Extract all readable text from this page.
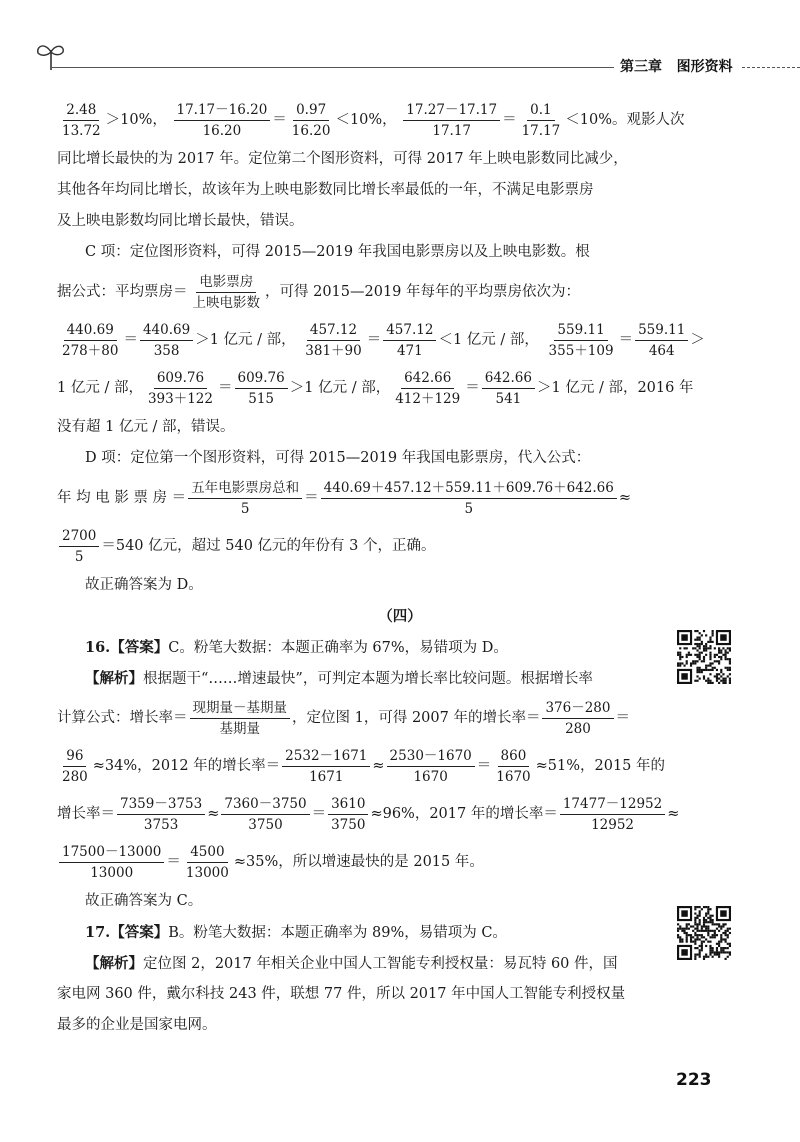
第三章 图形资料
$\frac{2.48}{13.72} >10\%$， $\frac{17.17-16.20}{16.20} = \frac{0.97}{16.20} <10\%$， $\frac{17.27-17.17}{17.17} = \frac{0.1}{17.17} <10\%$。观影人次
同比增长最快的为 2017 年。定位第二个图形资料，可得 2017 年上映电影数同比减少，
其他各年均同比增长，故该年为上映电影数同比增长率最低的一年，不满足电影票房
及上映电影数均同比增长最快，错误。
C 项：定位图形资料，可得 2015—2019 年我国电影票房以及上映电影数。根
据公式：平均票房＝ $\frac{\text{电影票房}}{\text{上映电影数}}$ ，可得 2015—2019 年每年的平均票房依次为：
$\frac{440.69}{278+80} = \frac{440.69}{358} >1$ 亿元 / 部， $\frac{457.12}{381+90} = \frac{457.12}{471} <1$ 亿元 / 部， $\frac{559.11}{355+109} = \frac{559.11}{464}$ ＞
1 亿元 / 部， $\frac{609.76}{393+122} = \frac{609.76}{515} >1$ 亿元 / 部， $\frac{642.66}{412+129} = \frac{642.66}{541} >1$ 亿元 / 部，2016 年
没有超 1 亿元 / 部，错误。
D 项：定位第一个图形资料，可得 2015—2019 年我国电影票房，代入公式：
年 均 电 影 票 房 ＝ $\frac{\text{五年电影票房总和}}{5} = \frac{440.69+457.12+559.11+609.76+642.66}{5}$ ≈
$\frac{2700}{5} =540$ 亿元，超过 540 亿元的年份有 3 个，正确。
故正确答案为 D。
（四）
16.【答案】C。粉笔大数据：本题正确率为 67%，易错项为 D。
【解析】根据题干“……增速最快”，可判定本题为增长率比较问题。根据增长率
计算公式：增长率＝ $\frac{\text{现期量－基期量}}{\text{基期量}}$ ，定位图 1，可得 2007 年的增长率＝ $\frac{376-280}{280}$ ＝
$\frac{96}{280} \approx 34\%$，2012 年的增长率＝ $\frac{2532-1671}{1671} \approx \frac{2530-1670}{1670} = \frac{860}{1670} \approx 51\%$，2015 年的
增长率＝ $\frac{7359-3753}{3753} \approx \frac{7360-3750}{3750} = \frac{3610}{3750} \approx 96\%$，2017 年的增长率＝ $\frac{17477-12952}{12952}$ ≈
$\frac{17500-13000}{13000} = \frac{4500}{13000} \approx 35\%$，所以增速最快的是 2015 年。
故正确答案为 C。
17.【答案】B。粉笔大数据：本题正确率为 89%，易错项为 C。
【解析】定位图 2，2017 年相关企业中国人工智能专利授权量：易瓦特 60 件，国
家电网 360 件，戴尔科技 243 件，联想 77 件，所以 2017 年中国人工智能专利授权量
最多的企业是国家电网。
223
